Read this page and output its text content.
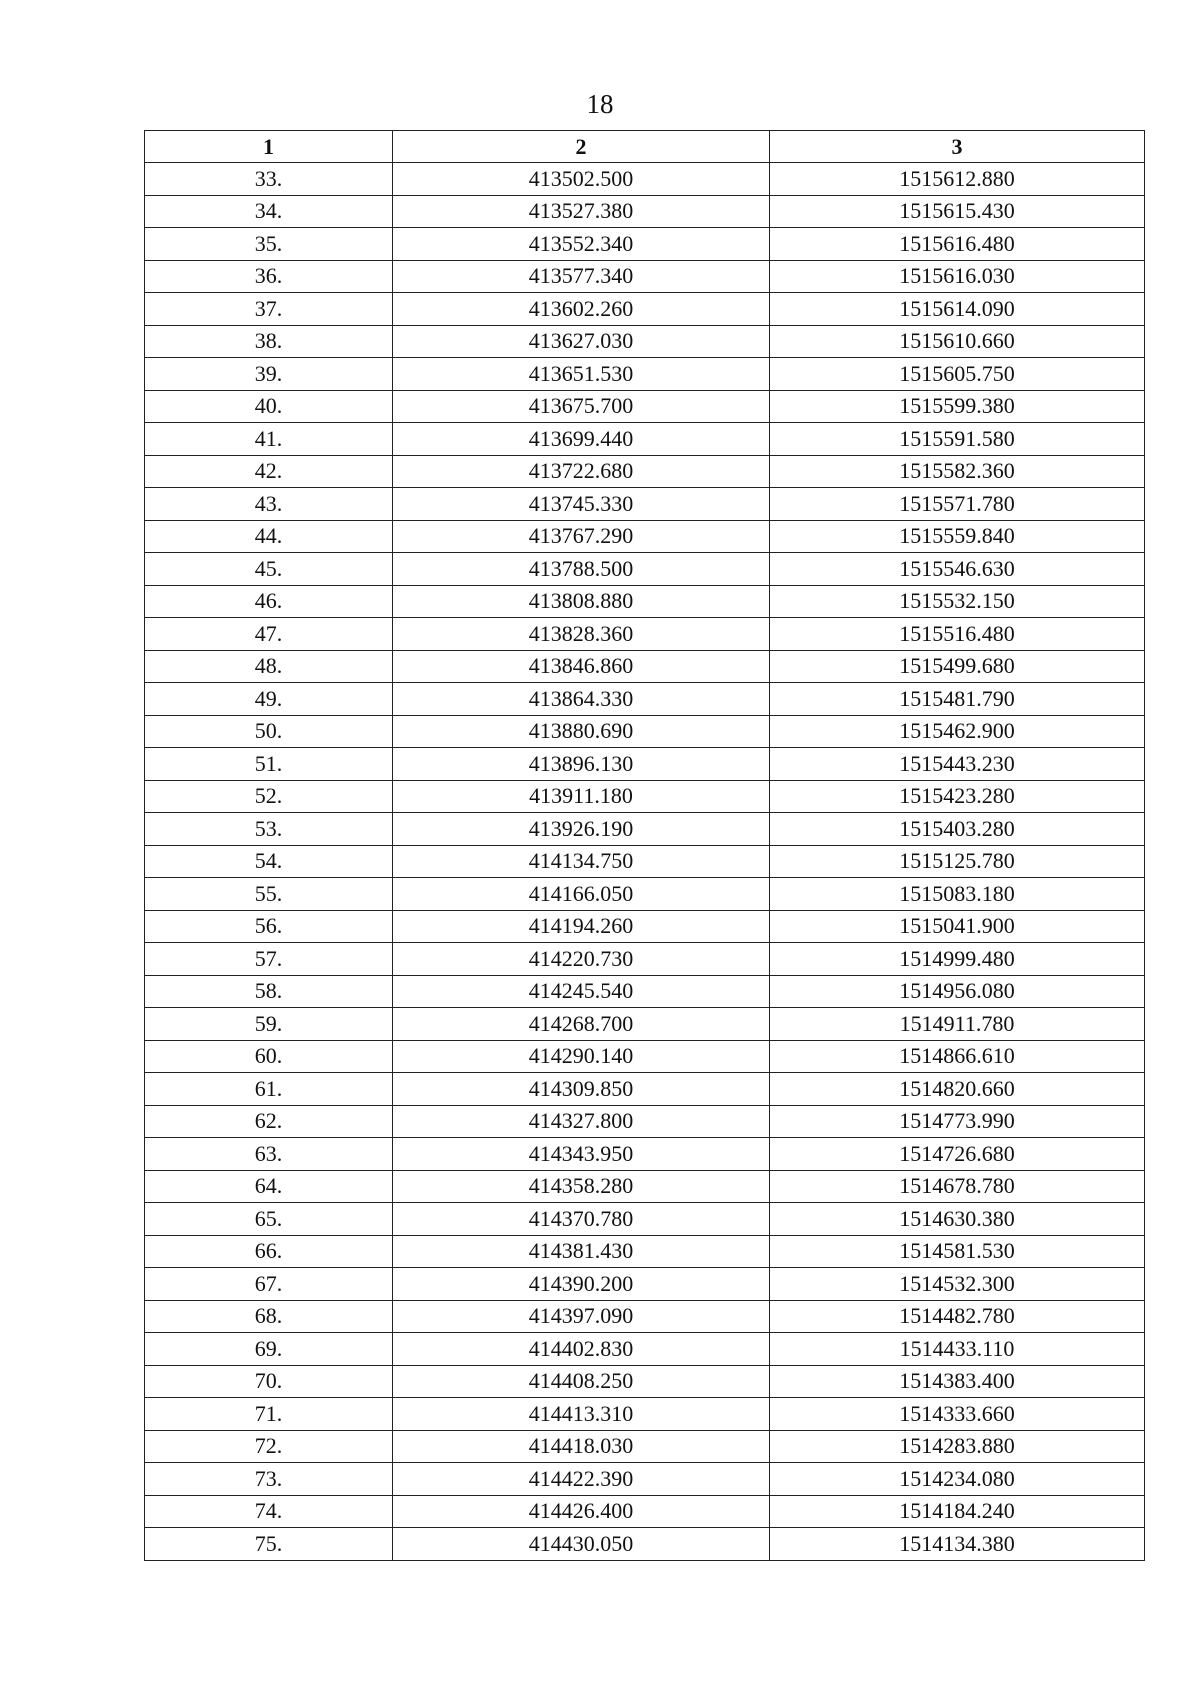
18
1	2	3
33.	413502.500	1515612.880
34.	413527.380	1515615.430
35.	413552.340	1515616.480
36.	413577.340	1515616.030
37.	413602.260	1515614.090
38.	413627.030	1515610.660
39.	413651.530	1515605.750
40.	413675.700	1515599.380
41.	413699.440	1515591.580
42.	413722.680	1515582.360
43.	413745.330	1515571.780
44.	413767.290	1515559.840
45.	413788.500	1515546.630
46.	413808.880	1515532.150
47.	413828.360	1515516.480
48.	413846.860	1515499.680
49.	413864.330	1515481.790
50.	413880.690	1515462.900
51.	413896.130	1515443.230
52.	413911.180	1515423.280
53.	413926.190	1515403.280
54.	414134.750	1515125.780
55.	414166.050	1515083.180
56.	414194.260	1515041.900
57.	414220.730	1514999.480
58.	414245.540	1514956.080
59.	414268.700	1514911.780
60.	414290.140	1514866.610
61.	414309.850	1514820.660
62.	414327.800	1514773.990
63.	414343.950	1514726.680
64.	414358.280	1514678.780
65.	414370.780	1514630.380
66.	414381.430	1514581.530
67.	414390.200	1514532.300
68.	414397.090	1514482.780
69.	414402.830	1514433.110
70.	414408.250	1514383.400
71.	414413.310	1514333.660
72.	414418.030	1514283.880
73.	414422.390	1514234.080
74.	414426.400	1514184.240
75.	414430.050	1514134.380
